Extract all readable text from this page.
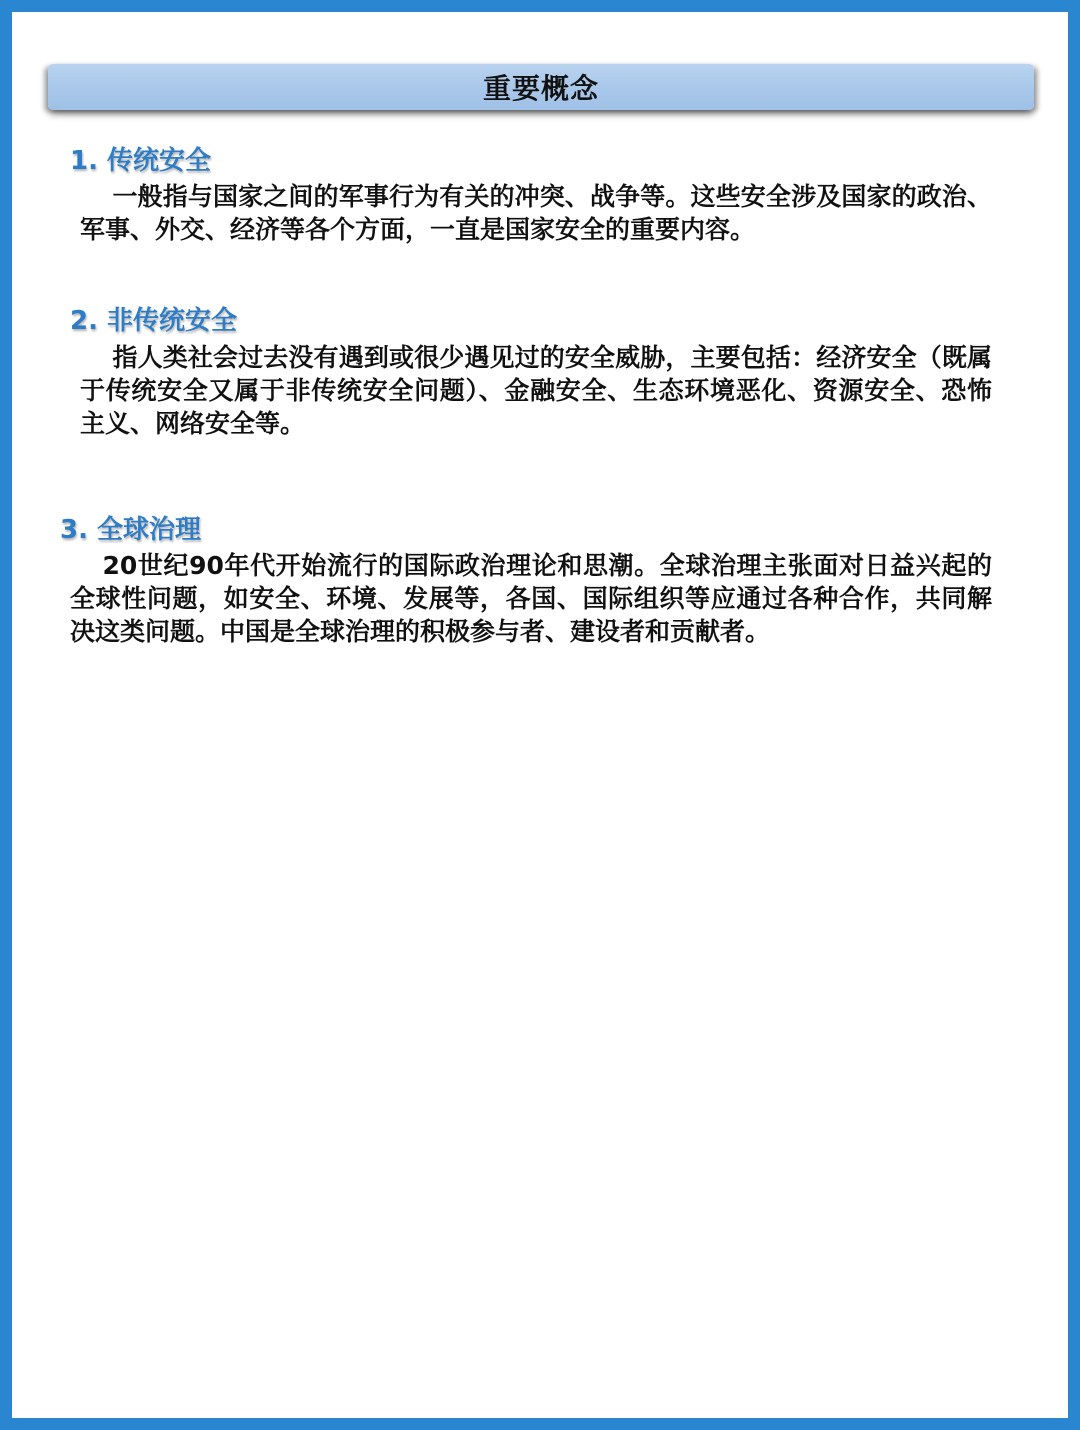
重要概念
1. 传统安全
一般指与国家之间的军事行为有关的冲突、战争等。这些安全涉及国家的政治、军事、外交、经济等各个方面，一直是国家安全的重要内容。
2. 非传统安全
指人类社会过去没有遇到或很少遇见过的安全威胁，主要包括：经济安全（既属于传统安全又属于非传统安全问题）、金融安全、生态环境恶化、资源安全、恐怖主义、网络安全等。
3. 全球治理
20世纪90年代开始流行的国际政治理论和思潮。全球治理主张面对日益兴起的全球性问题，如安全、环境、发展等，各国、国际组织等应通过各种合作，共同解决这类问题。中国是全球治理的积极参与者、建设者和贡献者。
